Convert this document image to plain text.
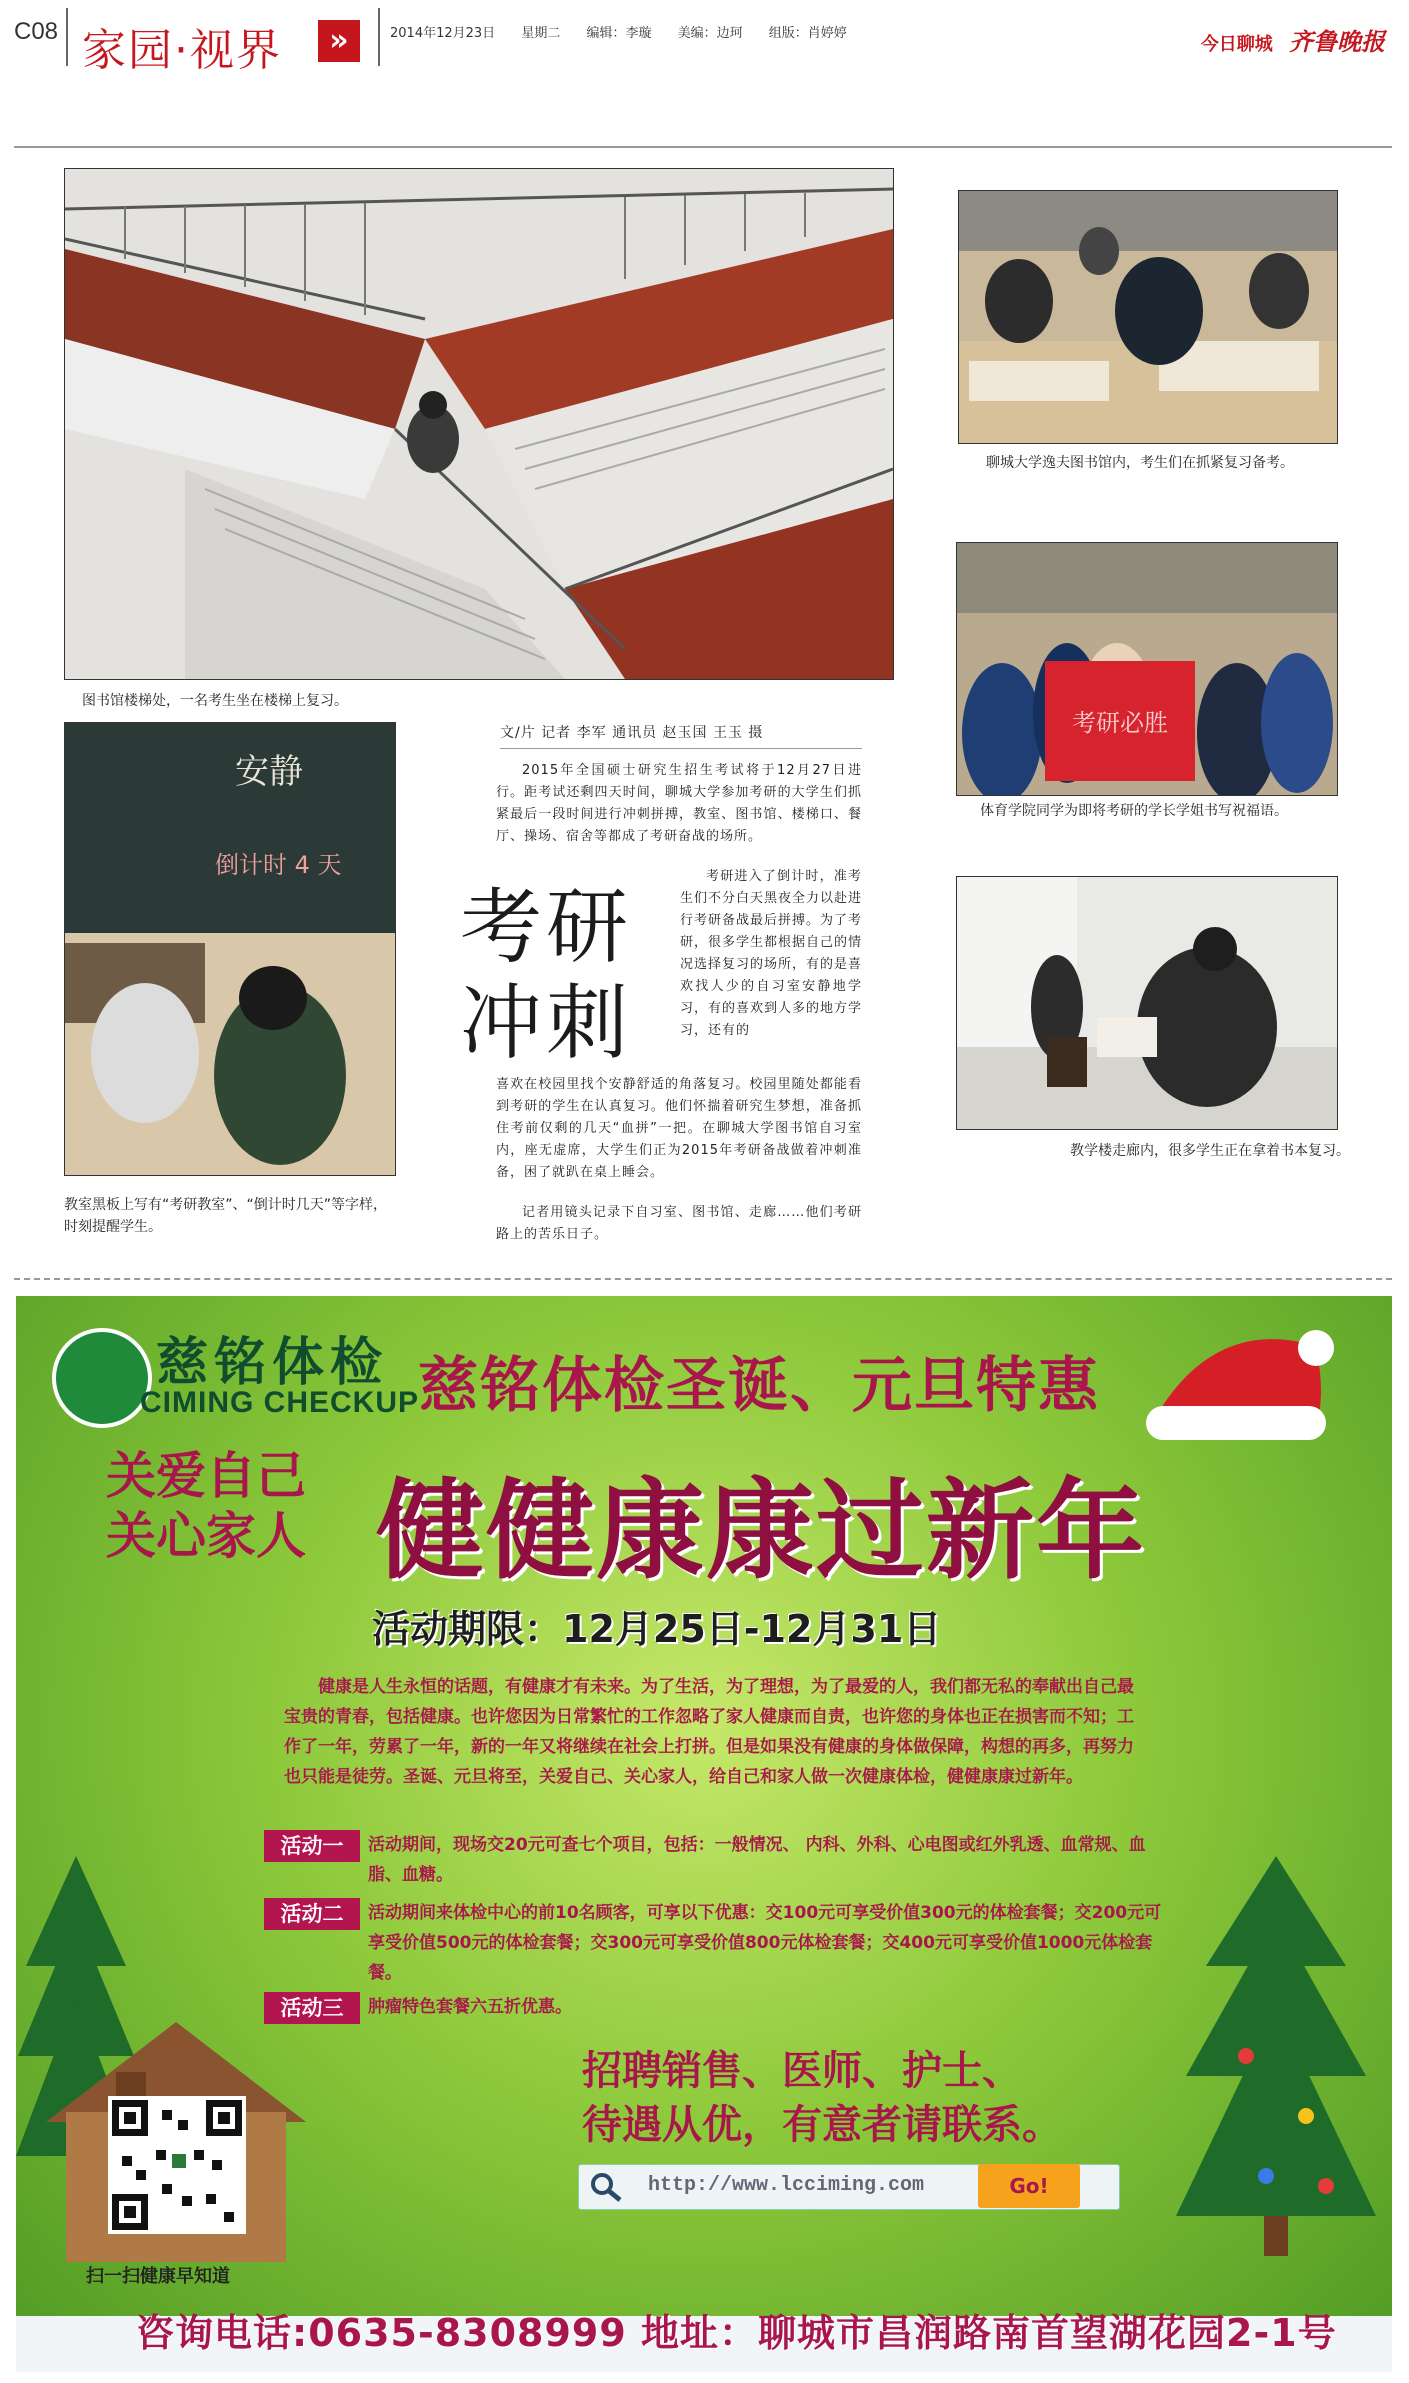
C08 家园·视界	»	2014年12月23日 星期二 编辑：李璇 美编：边珂 组版：肖婷婷
今日聊城 齐鲁晚报
图书馆楼梯处，一名考生坐在楼梯上复习。
聊城大学逸夫图书馆内，考生们在抓紧复习备考。
考研必胜
体育学院同学为即将考研的学长学姐书写祝福语。
安静
倒计时 4 天
教室黑板上写有“考研教室”、“倒计时几天”等字样，时刻提醒学生。
教学楼走廊内，很多学生正在拿着书本复习。
文/片 记者 李军 通讯员 赵玉国 王玉 摄
2015年全国硕士研究生招生考试将于12月27日进行。距考试还剩四天时间，聊城大学参加考研的大学生们抓紧最后一段时间进行冲刺拼搏，教室、图书馆、楼梯口、餐厅、操场、宿舍等都成了考研奋战的场所。
考研
冲刺
考研进入了倒计时，准考生们不分白天黑夜全力以赴进行考研备战最后拼搏。为了考研，很多学生都根据自己的情况选择复习的场所，有的是喜欢找人少的自习室安静地学习，有的喜欢到人多的地方学习，还有的
喜欢在校园里找个安静舒适的角落复习。校园里随处都能看到考研的学生在认真复习。他们怀揣着研究生梦想，准备抓住考前仅剩的几天“血拼”一把。在聊城大学图书馆自习室内，座无虚席，大学生们正为2015年考研备战做着冲刺准备，困了就趴在桌上睡会。
记者用镜头记录下自习室、图书馆、走廊……他们考研路上的苦乐日子。
慈铭体检
CIMING CHECKUP
慈铭体检圣诞、元旦特惠
关爱自己
关心家人 健健康康过新年
活动期限：12月25日-12月31日
健康是人生永恒的话题，有健康才有未来。为了生活，为了理想，为了最爱的人，我们都无私的奉献出自己最宝贵的青春，包括健康。也许您因为日常繁忙的工作忽略了家人健康而自责，也许您的身体也正在损害而不知；工作了一年，劳累了一年，新的一年又将继续在社会上打拼。但是如果没有健康的身体做保障，构想的再多，再努力也只能是徒劳。圣诞、元旦将至，关爱自己、关心家人，给自己和家人做一次健康体检，健健康康过新年。
活动一	活动期间，现场交20元可查七个项目，包括：一般情况、 内科、外科、心电图或红外乳透、血常规、血脂、血糖。
活动二	活动期间来体检中心的前10名顾客，可享以下优惠：交100元可享受价值300元的体检套餐；交200元可享受价值500元的体检套餐；交300元可享受价值800元体检套餐；交400元可享受价值1000元体检套餐。
活动三	肿瘤特色套餐六五折优惠。
招聘销售、医师、护士、
待遇从优，有意者请联系。
http://www.lcciming.com	Go!
扫一扫健康早知道
咨询电话:0635-8308999 地址：聊城市昌润路南首望湖花园2-1号
